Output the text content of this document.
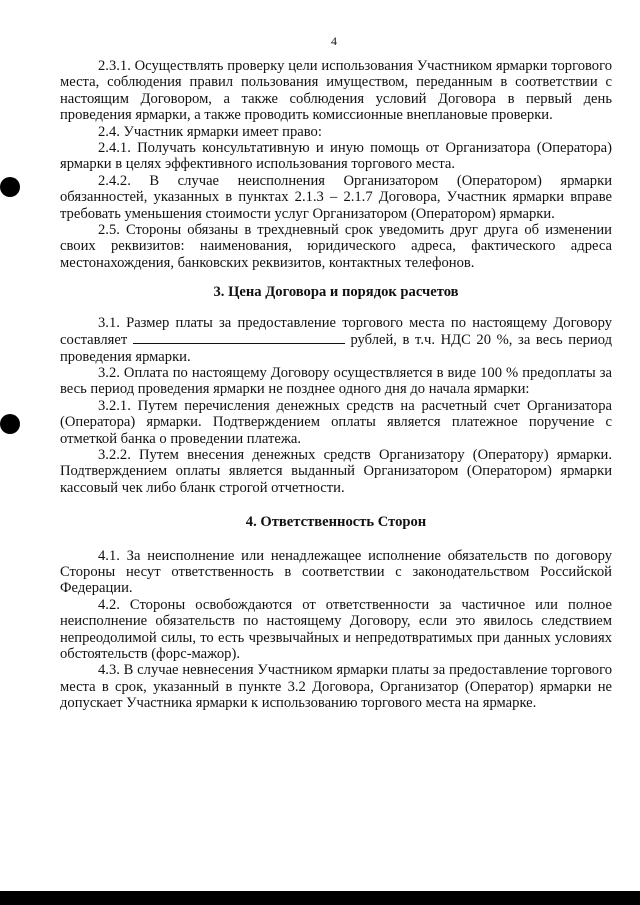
4

2.3.1. Осуществлять проверку цели использования Участником ярмарки торгового места, соблюдения правил пользования имуществом, переданным в соответствии с настоящим Договором, а также соблюдения условий Договора в первый день проведения ярмарки, а также проводить комиссионные внеплановые проверки.

2.4. Участник ярмарки имеет право:

2.4.1. Получать консультативную и иную помощь от Организатора (Оператора) ярмарки в целях эффективного использования торгового места.

2.4.2. В случае неисполнения Организатором (Оператором) ярмарки обязанностей, указанных в пунктах 2.1.3 – 2.1.7 Договора, Участник ярмарки вправе требовать уменьшения стоимости услуг Организатором (Оператором) ярмарки.

2.5. Стороны обязаны в трехдневный срок уведомить друг друга об изменении своих реквизитов: наименования, юридического адреса, фактического адреса местонахождения, банковских реквизитов, контактных телефонов.

3. Цена Договора и порядок расчетов

3.1. Размер платы за предоставление торгового места по настоящему Договору составляет	рублей, в т.ч. НДС 20 %, за весь период проведения ярмарки.

3.2. Оплата по настоящему Договору осуществляется в виде 100 % предоплаты за весь период проведения ярмарки не позднее одного дня до начала ярмарки:

3.2.1. Путем перечисления денежных средств на расчетный счет Организатора (Оператора) ярмарки. Подтверждением оплаты является платежное поручение с отметкой банка о проведении платежа.

3.2.2. Путем внесения денежных средств Организатору (Оператору) ярмарки. Подтверждением оплаты является выданный Организатором (Оператором) ярмарки кассовый чек либо бланк строгой отчетности.

4. Ответственность Сторон

4.1. За неисполнение или ненадлежащее исполнение обязательств по договору Стороны несут ответственность в соответствии с законодательством Российской Федерации.

4.2. Стороны освобождаются от ответственности за частичное или полное неисполнение обязательств по настоящему Договору, если это явилось следствием непреодолимой силы, то есть чрезвычайных и непредотвратимых при данных условиях обстоятельств (форс-мажор).

4.3. В случае невнесения Участником ярмарки платы за предоставление торгового места в срок, указанный в пункте 3.2 Договора, Организатор (Оператор) ярмарки не допускает Участника ярмарки к использованию торгового места на ярмарке.
